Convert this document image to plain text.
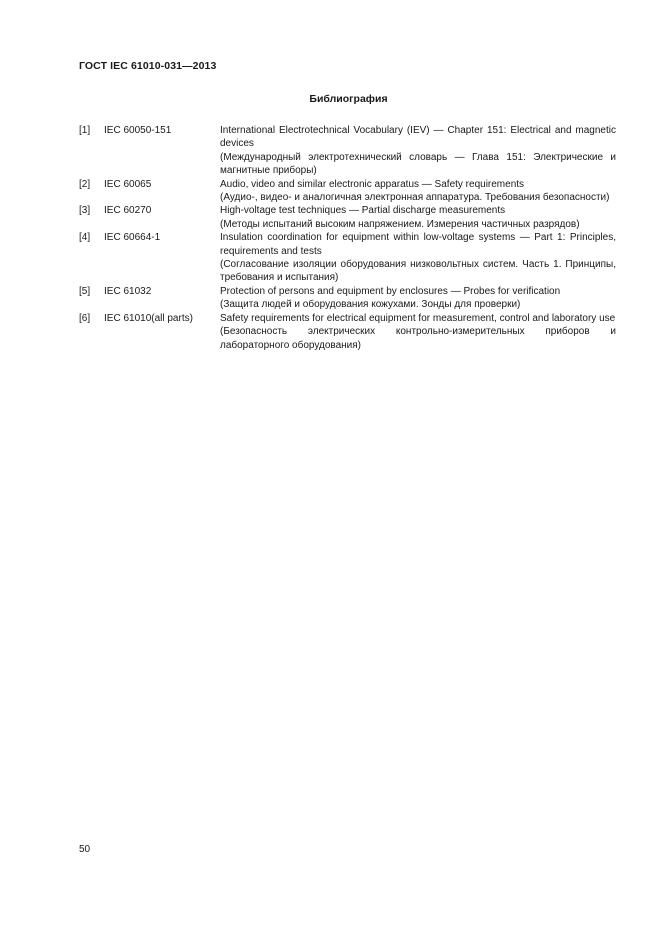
ГОСТ IEC 61010-031—2013
Библиография
[1]	IEC 60050-151	International Electrotechnical Vocabulary (IEV) — Chapter 151: Electrical and magnetic devices
(Международный электротехнический словарь — Глава 151: Электрические и магнитные приборы)
[2]	IEC 60065	Audio, video and similar electronic apparatus — Safety requirements
(Аудио-, видео- и аналогичная электронная аппаратура. Требования безопасности)
[3]	IEC 60270	High-voltage test techniques — Partial discharge measurements
(Методы испытаний высоким напряжением. Измерения частичных разрядов)
[4]	IEC 60664-1	Insulation coordination for equipment within low-voltage systems — Part 1: Principles, requirements and tests
(Согласование изоляции оборудования низковольтных систем. Часть 1. Принципы, требования и испытания)
[5]	IEC 61032	Protection of persons and equipment by enclosures — Probes for verification
(Защита людей и оборудования кожухами. Зонды для проверки)
[6]	IEC 61010(all parts)	Safety requirements for electrical equipment for measurement, control and laboratory use
(Безопасность электрических контрольно-измерительных приборов и лабораторного оборудования)
50
